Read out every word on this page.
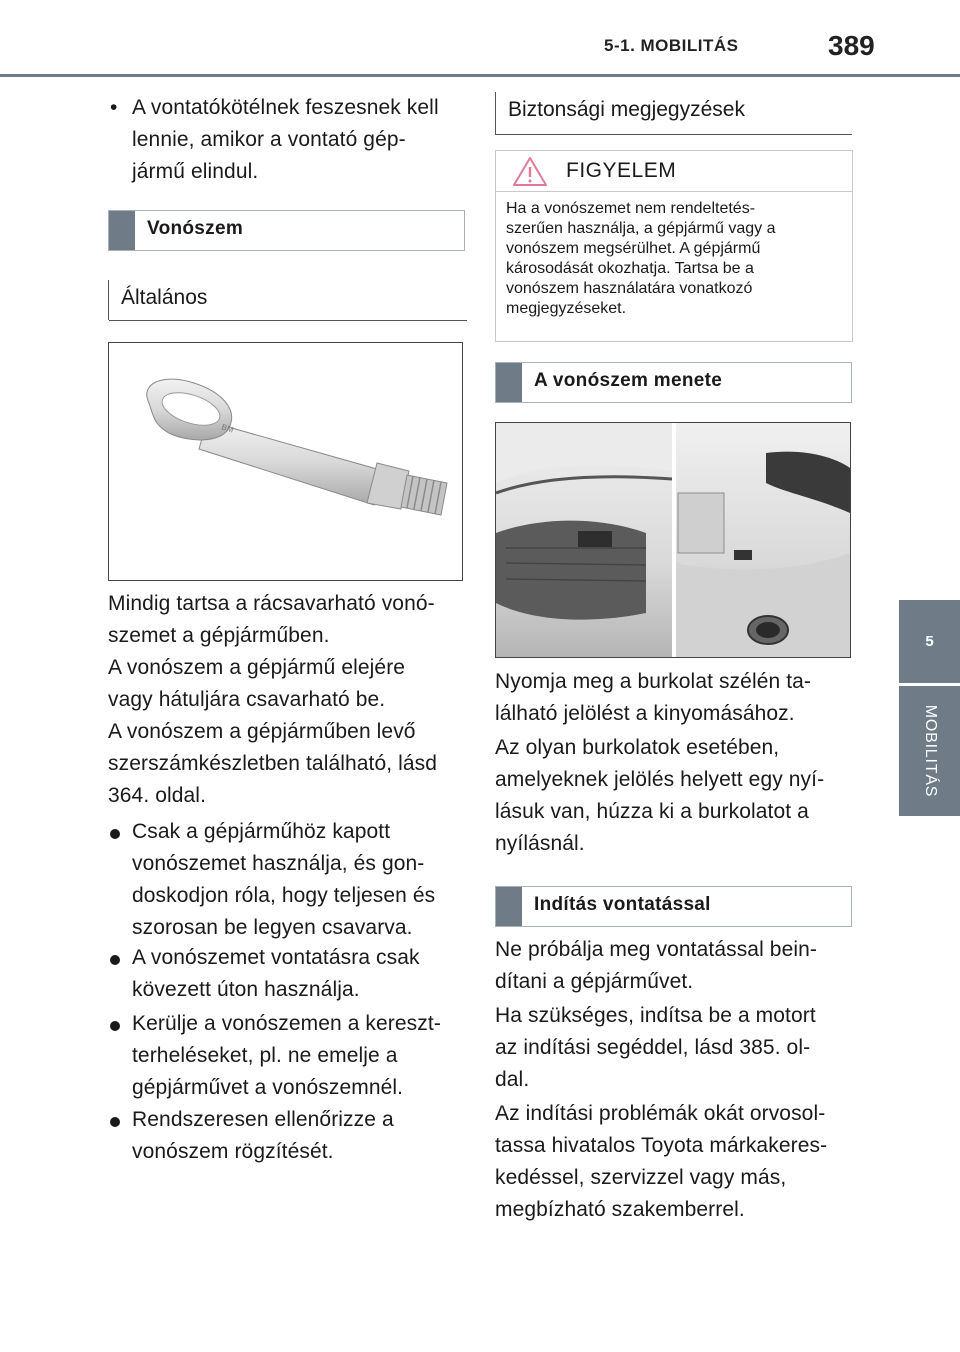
5-1. MOBILITÁS	389
5
MOBILITÁS
• A vontatókötélnek feszesnek kell
lennie, amikor a vontató gép-
jármű elindul.
Vonószem
Általános
BM
Mindig tartsa a rácsavarható vonó-
szemet a gépjárműben.
A vonószem a gépjármű elejére
vagy hátuljára csavarható be.
A vonószem a gépjárműben levő
szerszámkészletben található, lásd
364. oldal.
Csak a gépjárműhöz kapott
vonószemet használja, és gon-
doskodjon róla, hogy teljesen és
szorosan be legyen csavarva.
A vonószemet vontatásra csak
kövezett úton használja.
Kerülje a vonószemen a kereszt-
terheléseket, pl. ne emelje a
gépjárművet a vonószemnél.
Rendszeresen ellenőrizze a
vonószem rögzítését.
Biztonsági megjegyzések
FIGYELEM
Ha a vonószemet nem rendeltetés-
szerűen használja, a gépjármű vagy a
vonószem megsérülhet. A gépjármű
károsodását okozhatja. Tartsa be a
vonószem használatára vonatkozó
megjegyzéseket.
A vonószem menete
Nyomja meg a burkolat szélén ta-
lálható jelölést a kinyomásához.
Az olyan burkolatok esetében,
amelyeknek jelölés helyett egy nyí-
lásuk van, húzza ki a burkolatot a
nyílásnál.
Indítás vontatással
Ne próbálja meg vontatással bein-
dítani a gépjárművet.
Ha szükséges, indítsa be a motort
az indítási segéddel, lásd 385. ol-
dal.
Az indítási problémák okát orvosol-
tassa hivatalos Toyota márkakeres-
kedéssel, szervizzel vagy más,
megbízható szakemberrel.
